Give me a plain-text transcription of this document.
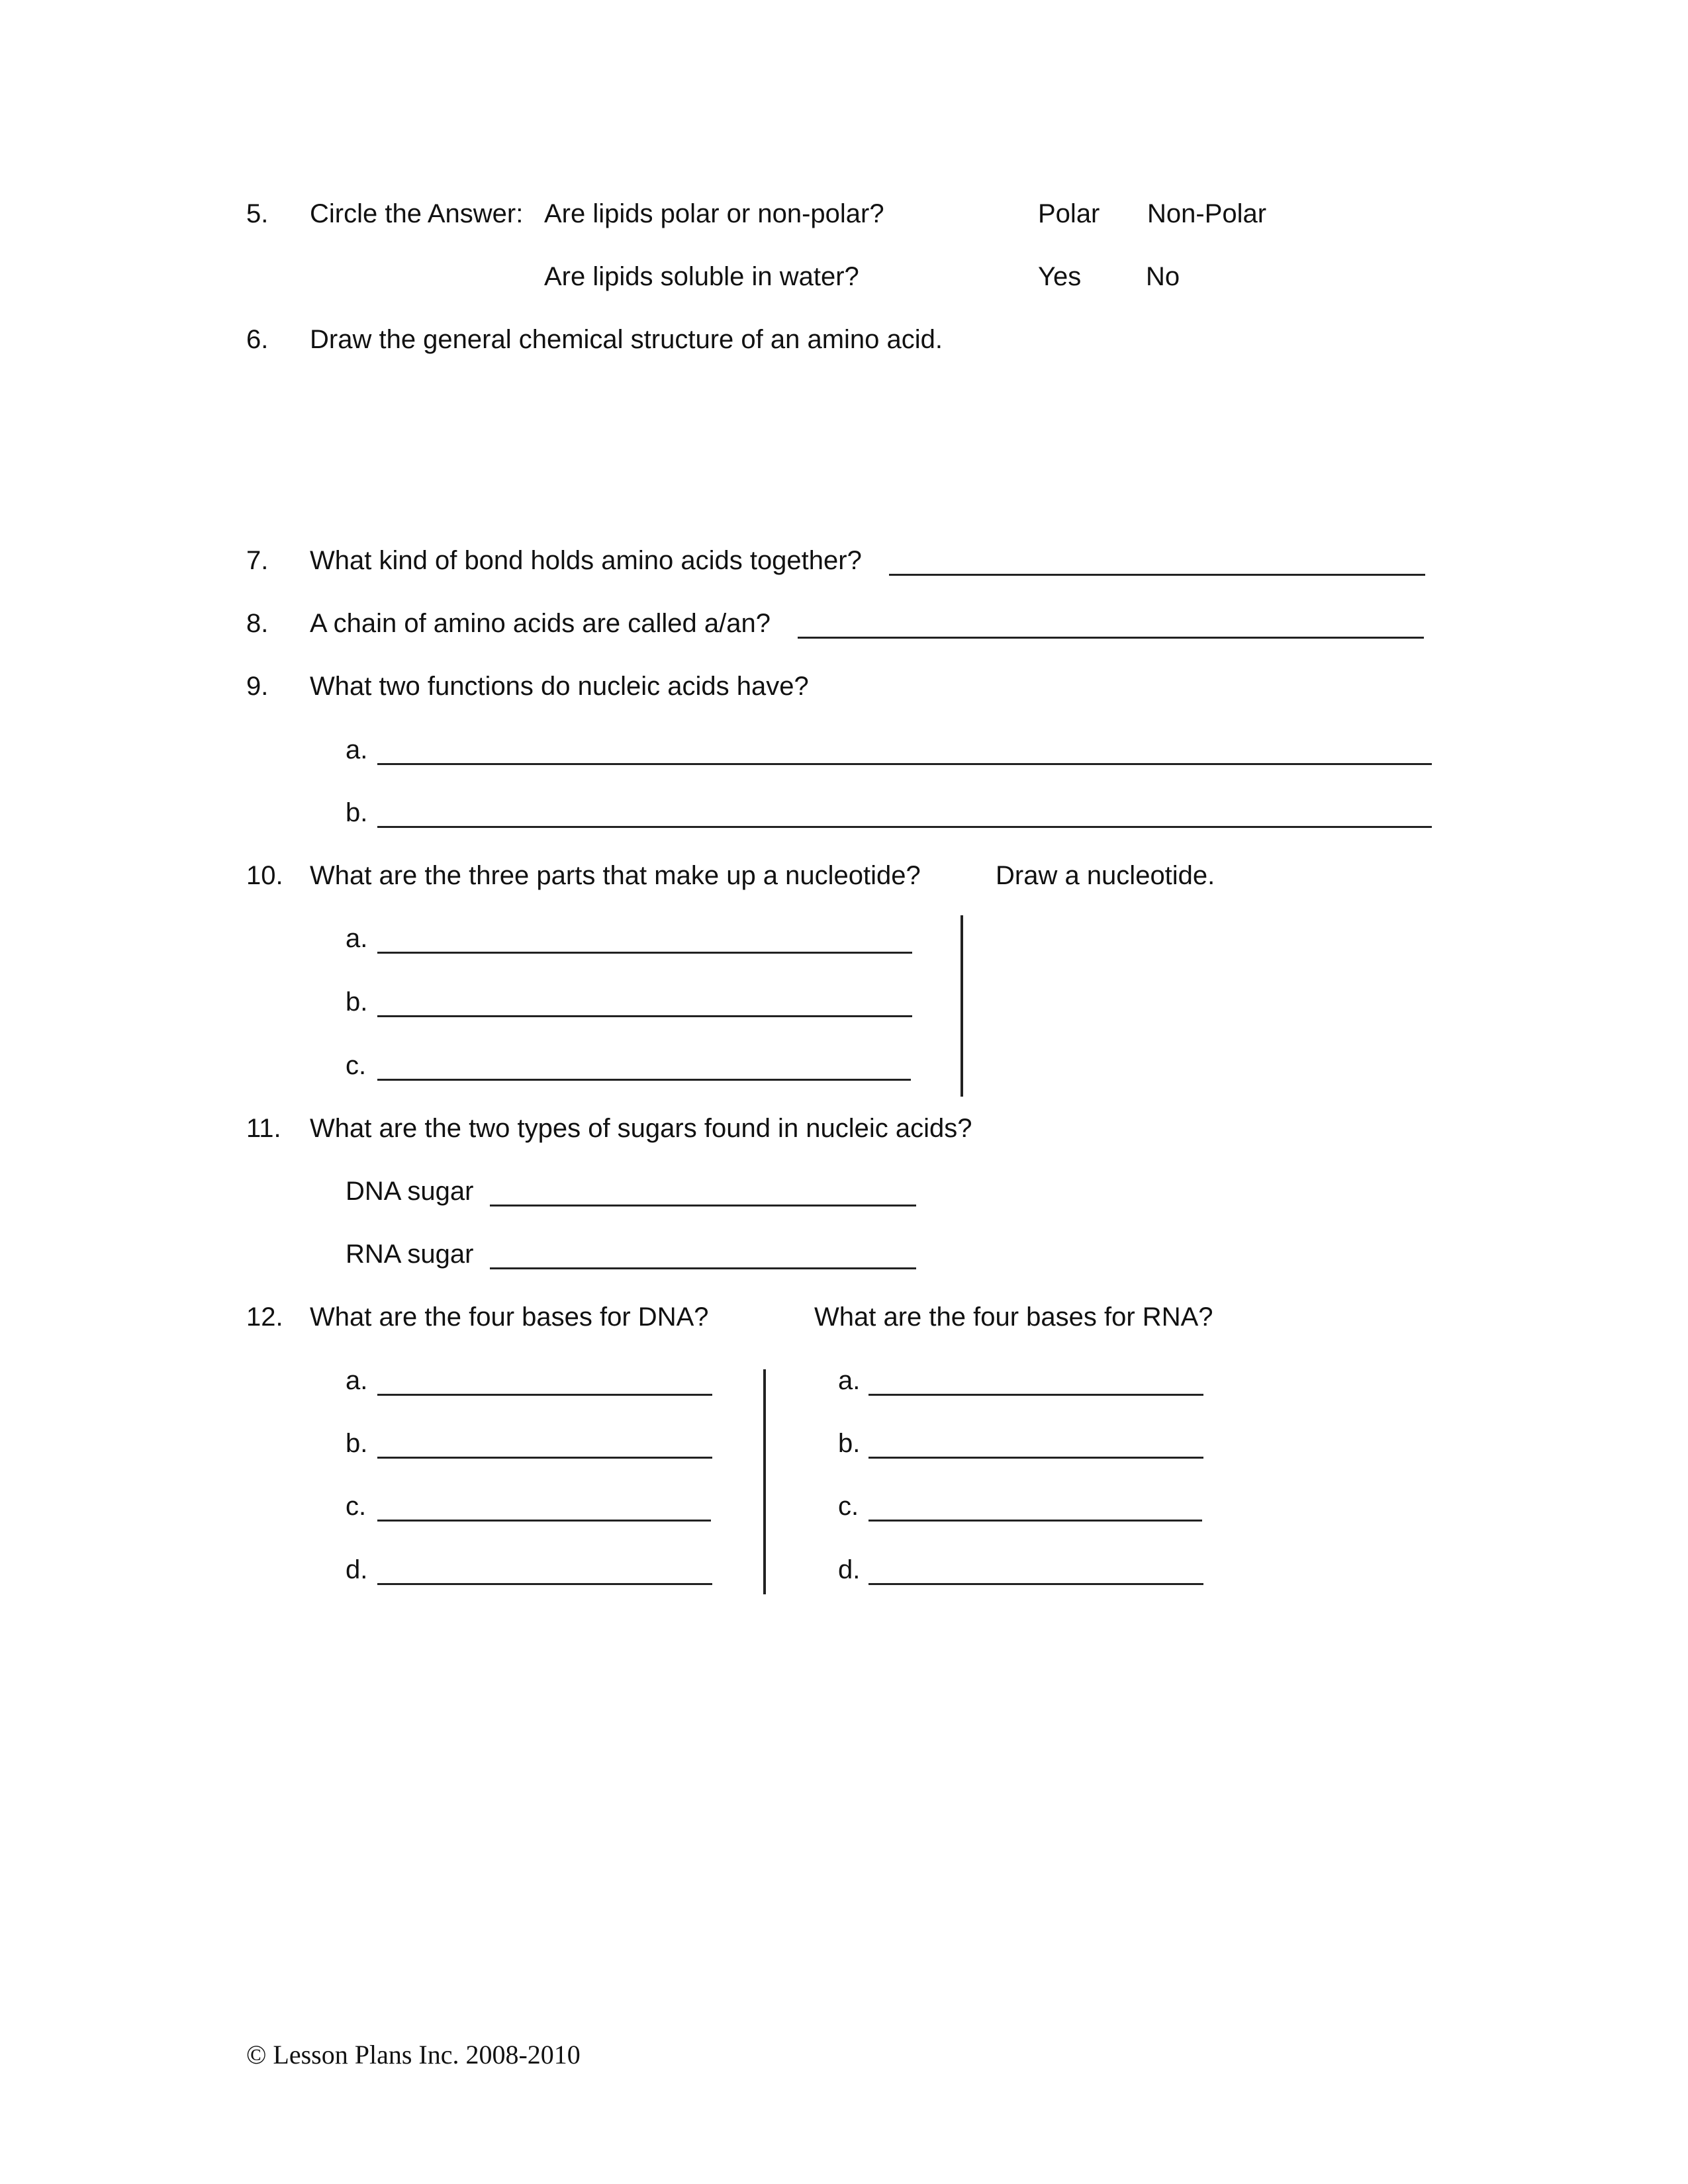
5. Circle the Answer: Are lipids polar or non-polar?	Polar Non-Polar
Are lipids soluble in water?	Yes No
6. Draw the general chemical structure of an amino acid.
7. What kind of bond holds amino acids together?
8. A chain of amino acids are called a/an?
9. What two functions do nucleic acids have?
a.
b.
10. What are the three parts that make up a nucleotide?	Draw a nucleotide.
a.
b.
c.
11. What are the two types of sugars found in nucleic acids?
DNA sugar
RNA sugar
12. What are the four bases for DNA?	What are the four bases for RNA?
a.
b.
c.
d.
a.
b.
c.
d.
© Lesson Plans Inc. 2008-2010
